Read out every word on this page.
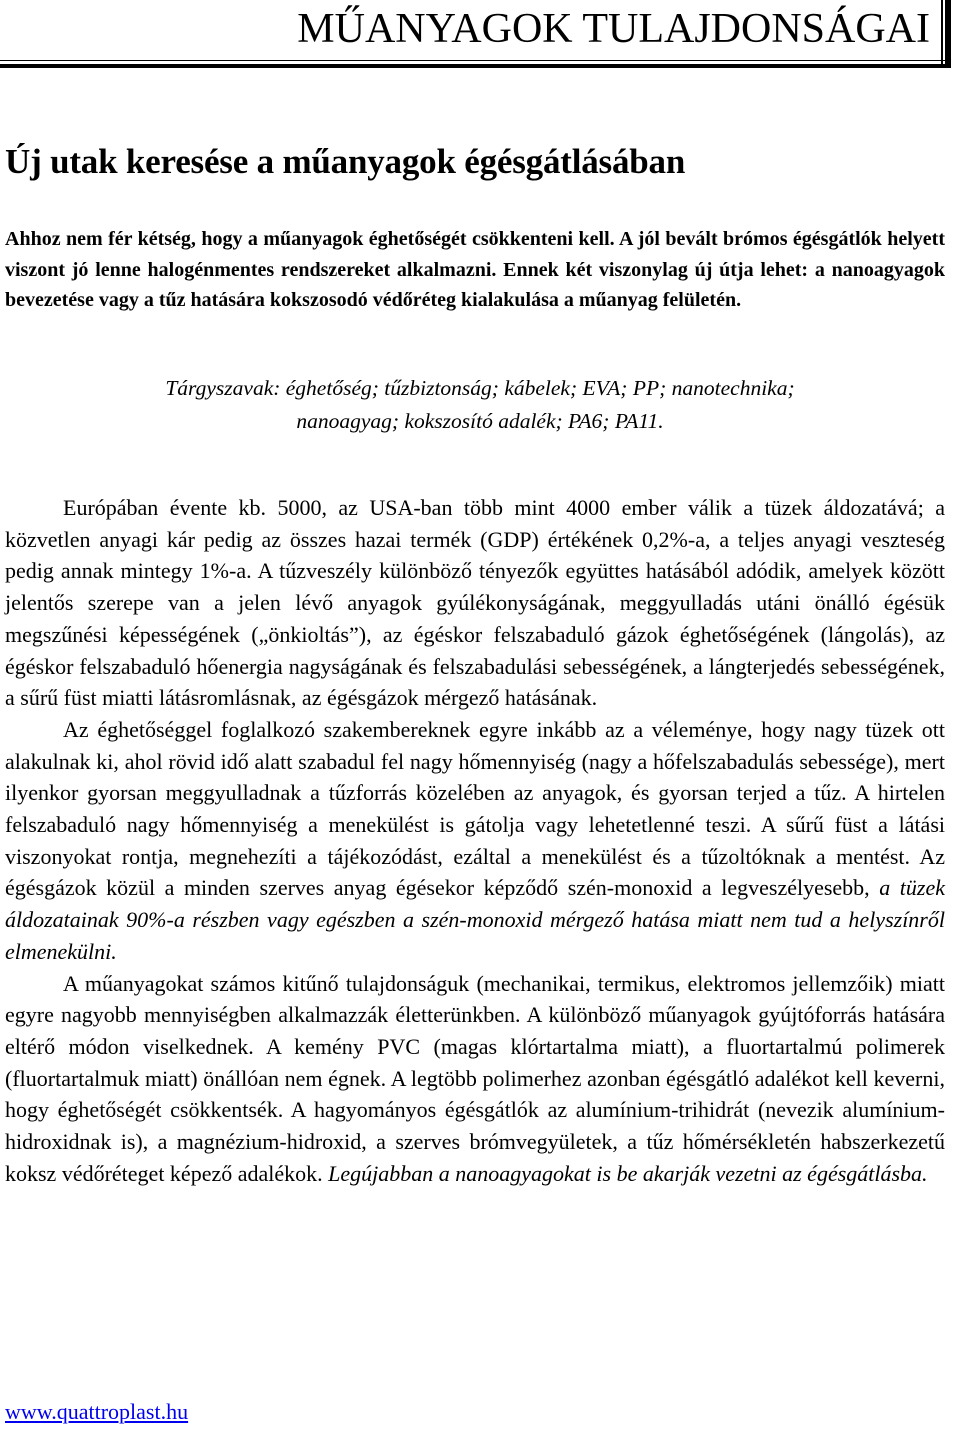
MŰANYAGOK TULAJDONSÁGAI
Új utak keresése a műanyagok égésgátlásában
Ahhoz nem fér kétség, hogy a műanyagok éghetőségét csökkenteni kell. A jól bevált brómos égésgátlók helyett viszont jó lenne halogénmentes rendszereket alkalmazni. Ennek két viszonylag új útja lehet: a nanoagyagok bevezetése vagy a tűz hatására kokszosodó védőréteg kialakulása a műanyag felületén.
Tárgyszavak: éghetőség; tűzbiztonság; kábelek; EVA; PP; nanotechnika;
nanoagyag; kokszosító adalék; PA6; PA11.

Európában évente kb. 5000, az USA-ban több mint 4000 ember válik a tüzek áldozatává; a közvetlen anyagi kár pedig az összes hazai termék (GDP) értékének 0,2%-a, a teljes anyagi veszteség pedig annak mintegy 1%-a. A tűzveszély különböző tényezők együttes hatásából adódik, amelyek között jelentős szerepe van a jelen lévő anyagok gyúlékonyságának, meggyulladás utáni önálló égésük megszűnési képességének („önkioltás”), az égéskor felszabaduló gázok éghetőségének (lángolás), az égéskor felszabaduló hőenergia nagyságának és felszabadulási sebességének, a lángterjedés sebességének, a sűrű füst miatti látásromlásnak, az égésgázok mérgező hatásának.

Az éghetőséggel foglalkozó szakembereknek egyre inkább az a véleménye, hogy nagy tüzek ott alakulnak ki, ahol rövid idő alatt szabadul fel nagy hőmennyiség (nagy a hőfelszabadulás sebessége), mert ilyenkor gyorsan meggyulladnak a tűzforrás közelében az anyagok, és gyorsan terjed a tűz. A hirtelen felszabaduló nagy hőmennyiség a menekülést is gátolja vagy lehetetlenné teszi. A sűrű füst a látási viszonyokat rontja, megnehezíti a tájékozódást, ezáltal a menekülést és a tűzoltóknak a mentést. Az égésgázok közül a minden szerves anyag égésekor képződő szén-monoxid a legveszélyesebb, a tüzek áldozatainak 90%-a részben vagy egészben a szén-monoxid mérgező hatása miatt nem tud a helyszínről elmenekülni.

A műanyagokat számos kitűnő tulajdonságuk (mechanikai, termikus, elektromos jellemzőik) miatt egyre nagyobb mennyiségben alkalmazzák életterünkben. A különböző műanyagok gyújtóforrás hatására eltérő módon viselkednek. A kemény PVC (magas klórtartalma miatt), a fluortartalmú polimerek (fluortartalmuk miatt) önállóan nem égnek. A legtöbb polimerhez azonban égésgátló adalékot kell keverni, hogy éghetőségét csökkentsék. A hagyományos égésgátlók az alumínium-trihidrát (nevezik alumínium-hidroxidnak is), a magnézium-hidroxid, a szerves brómvegyületek, a tűz hőmérsékletén habszerkezetű koksz védőréteget képező adalékok. Legújabban a nanoagyagokat is be akarják vezetni az égésgátlásba.

www.quattroplast.hu
